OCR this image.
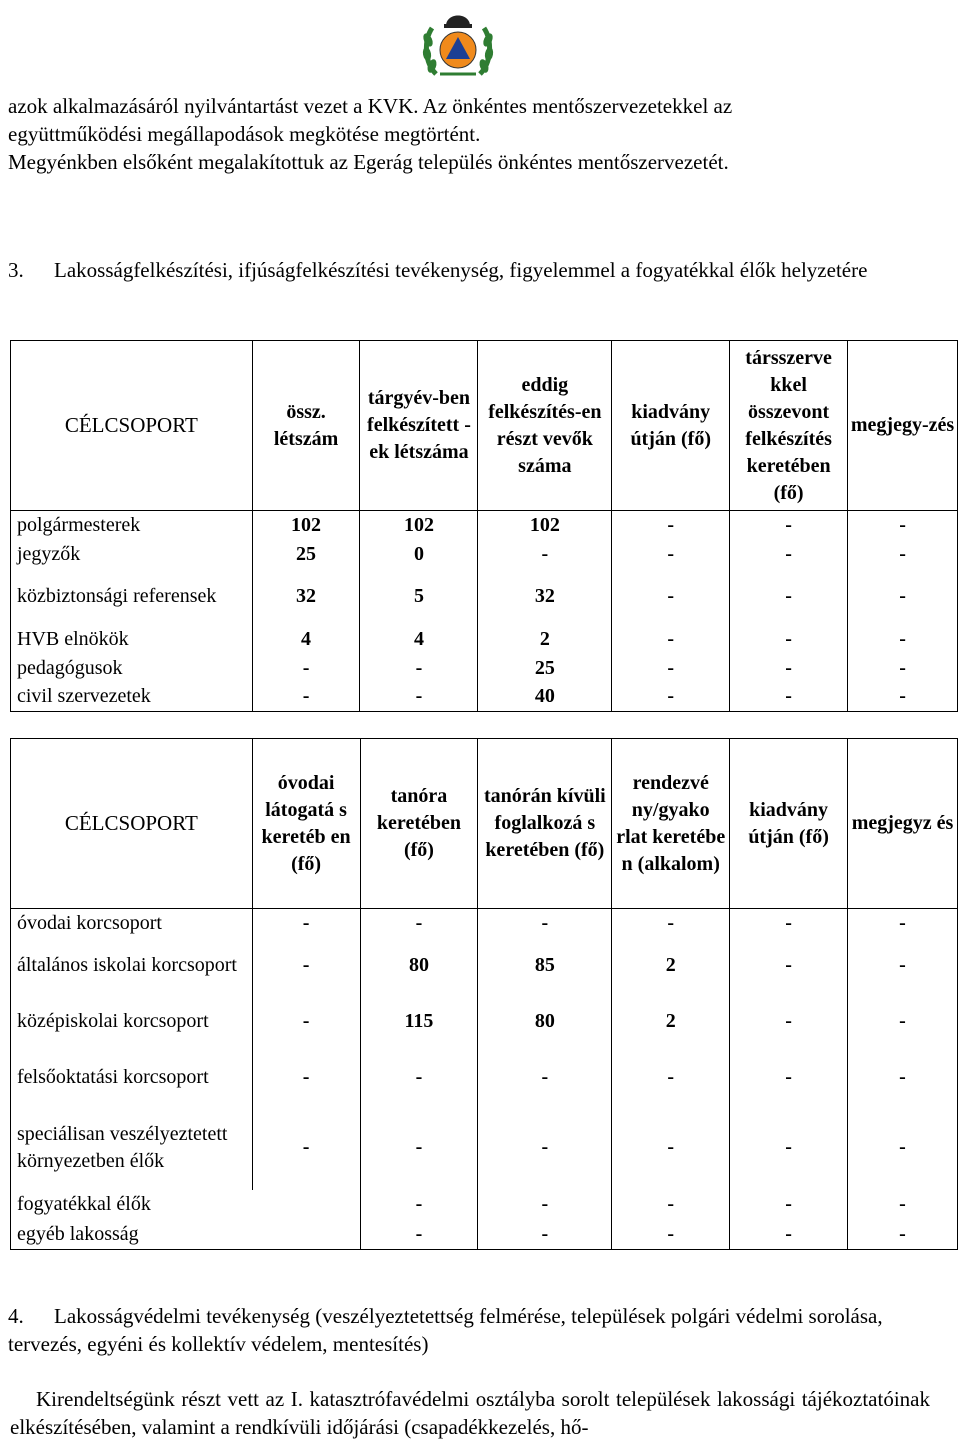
azok alkalmazásáról nyilvántartást vezet a KVK. Az önkéntes mentőszervezetekkel az
együttműködési megállapodások megkötése megtörtént.
Megyénkben elsőként megalakítottuk az Egerág település önkéntes mentőszervezetét.
3. Lakosságfelkészítési, ifjúságfelkészítési tevékenység, figyelemmel a fogyatékkal élők helyzetére
CÉLCSOPORT	össz. létszám	tárgyév-ben felkészített -ek létszáma	eddig felkészítés-en részt vevők száma	kiadvány útján (fő)	társszerve kkel összevont felkészítés keretében (fő)	megjegy-zés
polgármesterek	102	102	102	-	-	-
jegyzők	25	0	-	-	-	-
közbiztonsági referensek	32	5	32	-	-	-
HVB elnökök	4	4	2	-	-	-
pedagógusok	-	-	25	-	-	-
civil szervezetek	-	-	40	-	-	-
CÉLCSOPORT	óvodai látogatá s keretéb en (fő)	tanóra keretében (fő)	tanórán kívüli foglalkozá s keretében (fő)	rendezvé ny/gyako rlat keretébe n (alkalom)	kiadvány útján (fő)	megjegyz és
óvodai korcsoport	-	-	-	-	-	-
általános iskolai korcsoport	-	80	85	2	-	-
középiskolai korcsoport	-	115	80	2	-	-
felsőoktatási korcsoport	-	-	-	-	-	-
speciálisan veszélyeztetett környezetben élők	-	-	-	-	-	-
fogyatékkal élők		-	-	-	-	-
egyéb lakosság		-	-	-	-	-
4. Lakosságvédelmi tevékenység (veszélyeztetettség felmérése, települések polgári védelmi sorolása, tervezés, egyéni és kollektív védelem, mentesítés)
Kirendeltségünk részt vett az I. katasztrófavédelmi osztályba sorolt települések lakossági tájékoztatóinak elkészítésében, valamint a rendkívüli időjárási (csapadékkezelés, hő-
